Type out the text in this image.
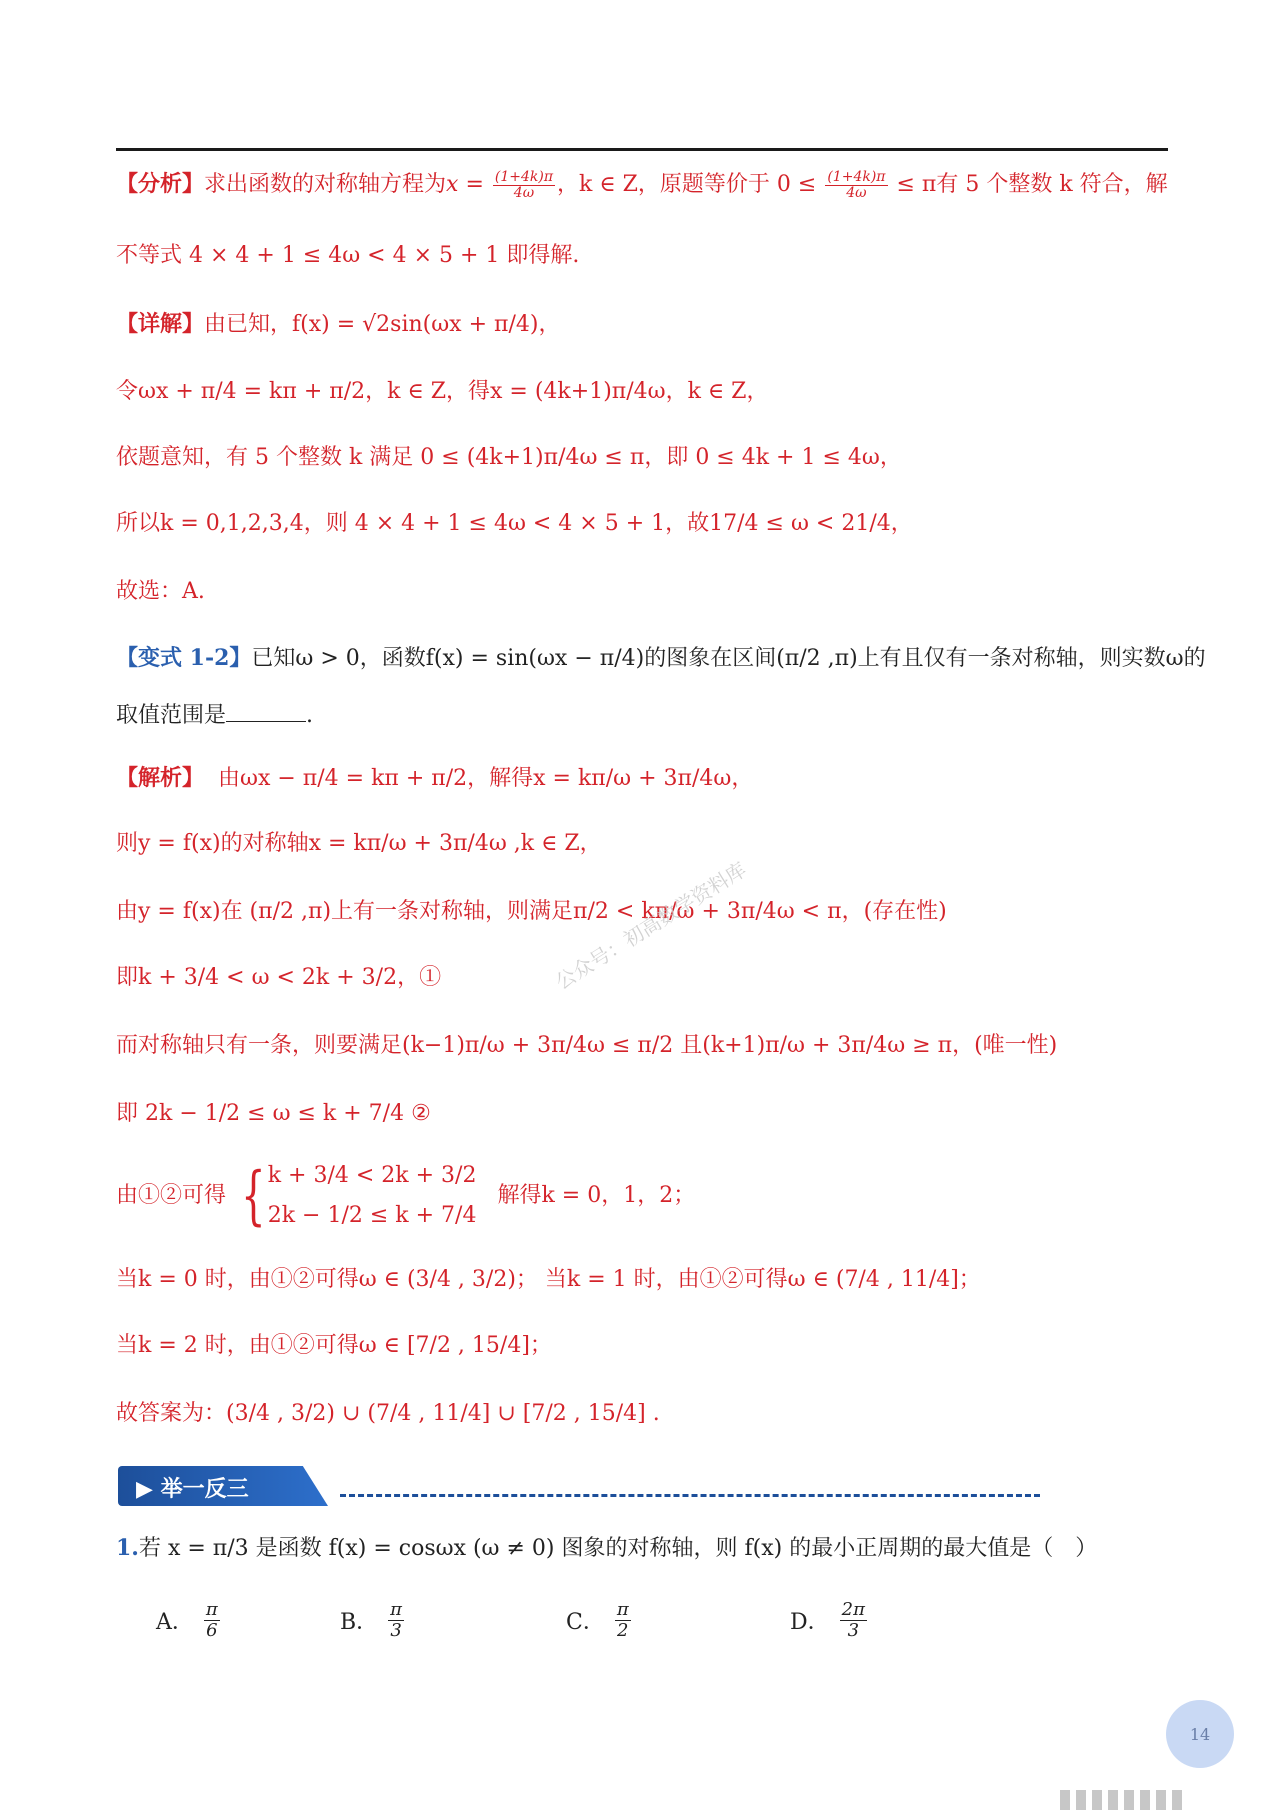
【分析】求出函数的对称轴方程为$x = \frac{(1+4k)\pi}{4\omega}$ ，k ∈ Z，原题等价于 $0 \le \frac{(1+4k)\pi}{4\omega} \le \pi$有 5 个整数 k 符合，解
不等式 4 × 4 + 1 ≤ 4ω < 4 × 5 + 1 即得解.
【详解】由已知，f(x) = √2sin(ωx + π/4)，
令ωx + π/4 = kπ + π/2，k ∈ Z，得x = (4k+1)π/4ω，k ∈ Z，
依题意知，有 5 个整数 k 满足 0 ≤ (4k+1)π/4ω ≤ π，即 0 ≤ 4k + 1 ≤ 4ω，
所以k = 0,1,2,3,4，则 4 × 4 + 1 ≤ 4ω < 4 × 5 + 1，故17/4 ≤ ω < 21/4，
故选：A.
【变式 1-2】已知ω > 0，函数f(x) = sin(ωx − π/4)的图象在区间(π/2 ,π)上有且仅有一条对称轴，则实数ω的
取值范围是	.
【解析】 由ωx − π/4 = kπ + π/2，解得x = kπ/ω + 3π/4ω，
则y = f(x)的对称轴x = kπ/ω + 3π/4ω ,k ∈ Z，
由y = f(x)在 (π/2 ,π)上有一条对称轴，则满足π/2 < kπ/ω + 3π/4ω < π，(存在性)
即k + 3/4 < ω < 2k + 3/2，①
而对称轴只有一条，则要满足(k−1)π/ω + 3π/4ω ≤ π/2 且(k+1)π/ω + 3π/4ω ≥ π，(唯一性)
即 2k − 1/2 ≤ ω ≤ k + 7/4 ②
由①②可得 { k + 3/4 < 2k + 3/2
2k − 1/2 ≤ k + 7/4
解得k = 0，1，2；
当k = 0 时，由①②可得ω ∈ (3/4 , 3/2)； 当k = 1 时，由①②可得ω ∈ (7/4 , 11/4]；
当k = 2 时，由①②可得ω ∈ [7/2 , 15/4]；
故答案为：(3/4 , 3/2) ∪ (7/4 , 11/4] ∪ [7/2 , 15/4] .
公众号：初高数学资料库
▶ 举一反三
1.若 x = π/3 是函数 f(x) = cosωx (ω ≠ 0) 图象的对称轴，则 f(x) 的最小正周期的最大值是（　）
A． $\frac{\pi}{6}$	B． $\frac{\pi}{3}$	C． $\frac{\pi}{2}$	D． $\frac{2\pi}{3}$
14
